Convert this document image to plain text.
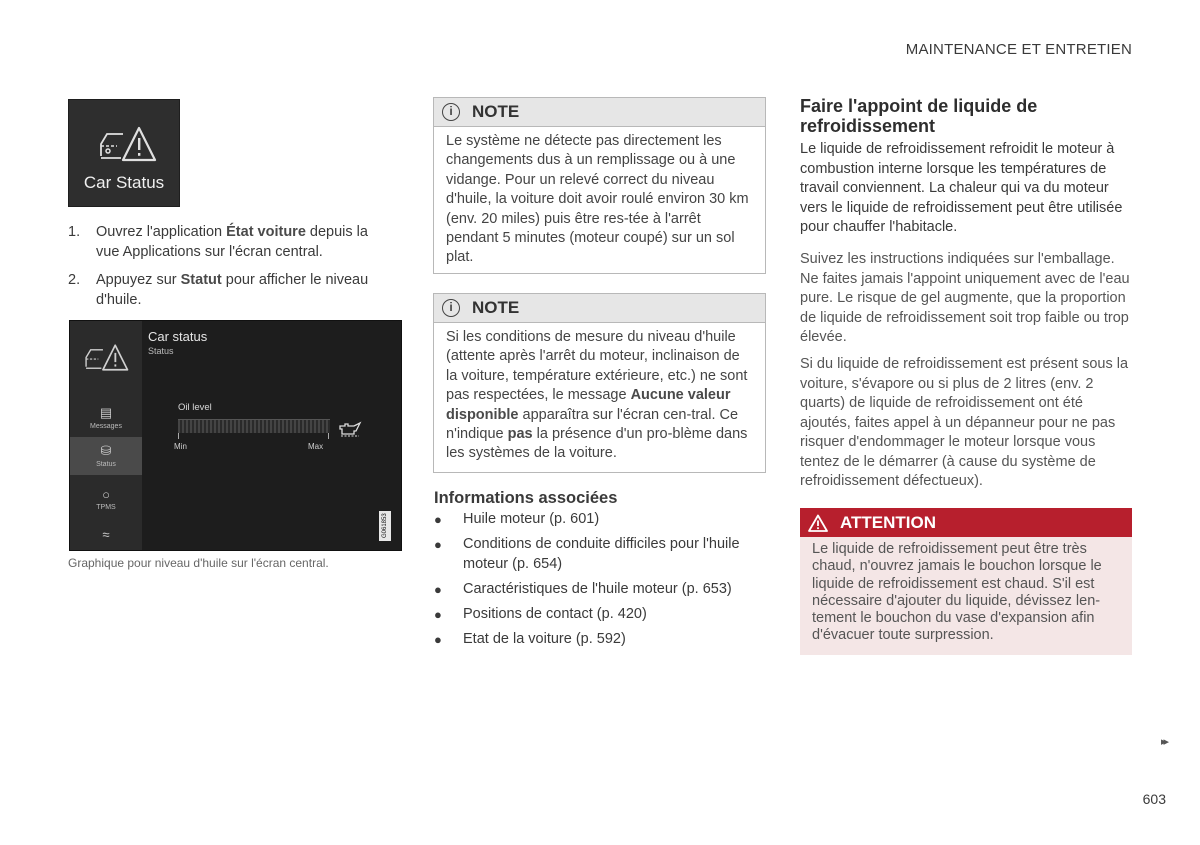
MAINTENANCE ET ENTRETIEN
Car Status
1.	Ouvrez l'application État voiture depuis la vue Applications sur l'écran central.
2.	Appuyez sur Statut pour afficher le niveau d'huile.
▤
Messages
⛁
Status
○
TPMS
≈
Car status
Status
Oil level
Min	Max
G061853
Graphique pour niveau d'huile sur l'écran central.
i	NOTE
Le système ne détecte pas directement les changements dus à un remplissage ou à une vidange. Pour un relevé correct du niveau d'huile, la voiture doit avoir roulé environ 30 km (env. 20 miles) puis être res-tée à l'arrêt pendant 5 minutes (moteur coupé) sur un sol plat.
i	NOTE
Si les conditions de mesure du niveau d'huile (attente après l'arrêt du moteur, inclinaison de la voiture, température extérieure, etc.) ne sont pas respectées, le message Aucune valeur disponible apparaîtra sur l'écran cen-tral. Ce n'indique pas la présence d'un pro-blème dans les systèmes de la voiture.
Informations associées
●	Huile moteur (p. 601)
●	Conditions de conduite difficiles pour l'huile moteur (p. 654)
●	Caractéristiques de l'huile moteur (p. 653)
●	Positions de contact (p. 420)
●	Etat de la voiture (p. 592)
Faire l'appoint de liquide de refroidissement
Le liquide de refroidissement refroidit le moteur à combustion interne lorsque les températures de travail conviennent. La chaleur qui va du moteur vers le liquide de refroidissement peut être utilisée pour chauffer l'habitacle.
Suivez les instructions indiquées sur l'emballage. Ne faites jamais l'appoint uniquement avec de l'eau pure. Le risque de gel augmente, que la proportion de liquide de refroidissement soit trop faible ou trop élevée.
Si du liquide de refroidissement est présent sous la voiture, s'évapore ou si plus de 2 litres (env. 2 quarts) de liquide de refroidissement ont été ajoutés, faites appel à un dépanneur pour ne pas risquer d'endommager le moteur lorsque vous tentez de le démarrer (à cause du système de refroidissement défectueux).
ATTENTION
Le liquide de refroidissement peut être très chaud, n'ouvrez jamais le bouchon lorsque le liquide de refroidissement est chaud. S'il est nécessaire d'ajouter du liquide, dévissez len-tement le bouchon du vase d'expansion afin d'évacuer toute surpression.
▸▸
603
